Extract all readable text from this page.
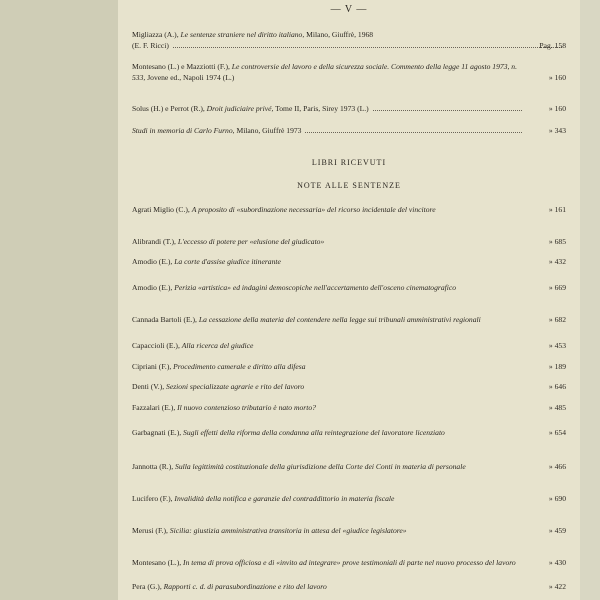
— V —
Migliazza (A.), Le sentenze straniere nel diritto italiano, Milano, Giuffrè, 1968
(E. F. Ricci)	Pag. 158
Montesano (L.) e Mazziotti (F.), Le controversie del lavoro e della sicurezza sociale. Commento della legge 11 agosto 1973, n. 533, Jovene ed., Napoli 1974 (L.)	» 160
Solus (H.) e Perrot (R.), Droit judiciaire privé, Tome II, Paris, Sirey 1973 (L.)	» 160
Studi in memoria di Carlo Furno, Milano, Giuffrè 1973	» 343
LIBRI RICEVUTI
NOTE ALLE SENTENZE
Agrati Miglio (C.), A proposito di «subordinazione necessaria» del ricorso incidentale del vincitore	» 161
Alibrandi (T.), L'eccesso di potere per «elusione del giudicato»	» 685
Amodio (E.), La corte d'assise giudice itinerante	» 432
Amodio (E.), Perizia «artistica» ed indagini demoscopiche nell'accertamento dell'osceno cinematografico	» 669
Cannada Bartoli (E.), La cessazione della materia del contendere nella legge sui tribunali amministrativi regionali	» 682
Capaccioli (E.), Alla ricerca del giudice	» 453
Cipriani (F.), Procedimento camerale e diritto alla difesa	» 189
Denti (V.), Sezioni specializzate agrarie e rito del lavoro	» 646
Fazzalari (E.), Il nuovo contenzioso tributario è nato morto?	» 485
Garbagnati (E.), Sugli effetti della riforma della condanna alla reintegrazione del lavoratore licenziato	» 654
Jannotta (R.), Sulla legittimità costituzionale della giurisdizione della Corte dei Conti in materia di personale	» 466
Lucifero (F.), Invalidità della notifica e garanzie del contraddittorio in materia fiscale	» 690
Merusi (F.), Sicilia: giustizia amministrativa transitoria in attesa del «giudice legislatore»	» 459
Montesano (L.), In tema di prova officiosa e di «invito ad integrare» prove testimoniali di parte nel nuovo processo del lavoro	» 430
Pera (G.), Rapporti c. d. di parasubordinazione e rito del lavoro	» 422
